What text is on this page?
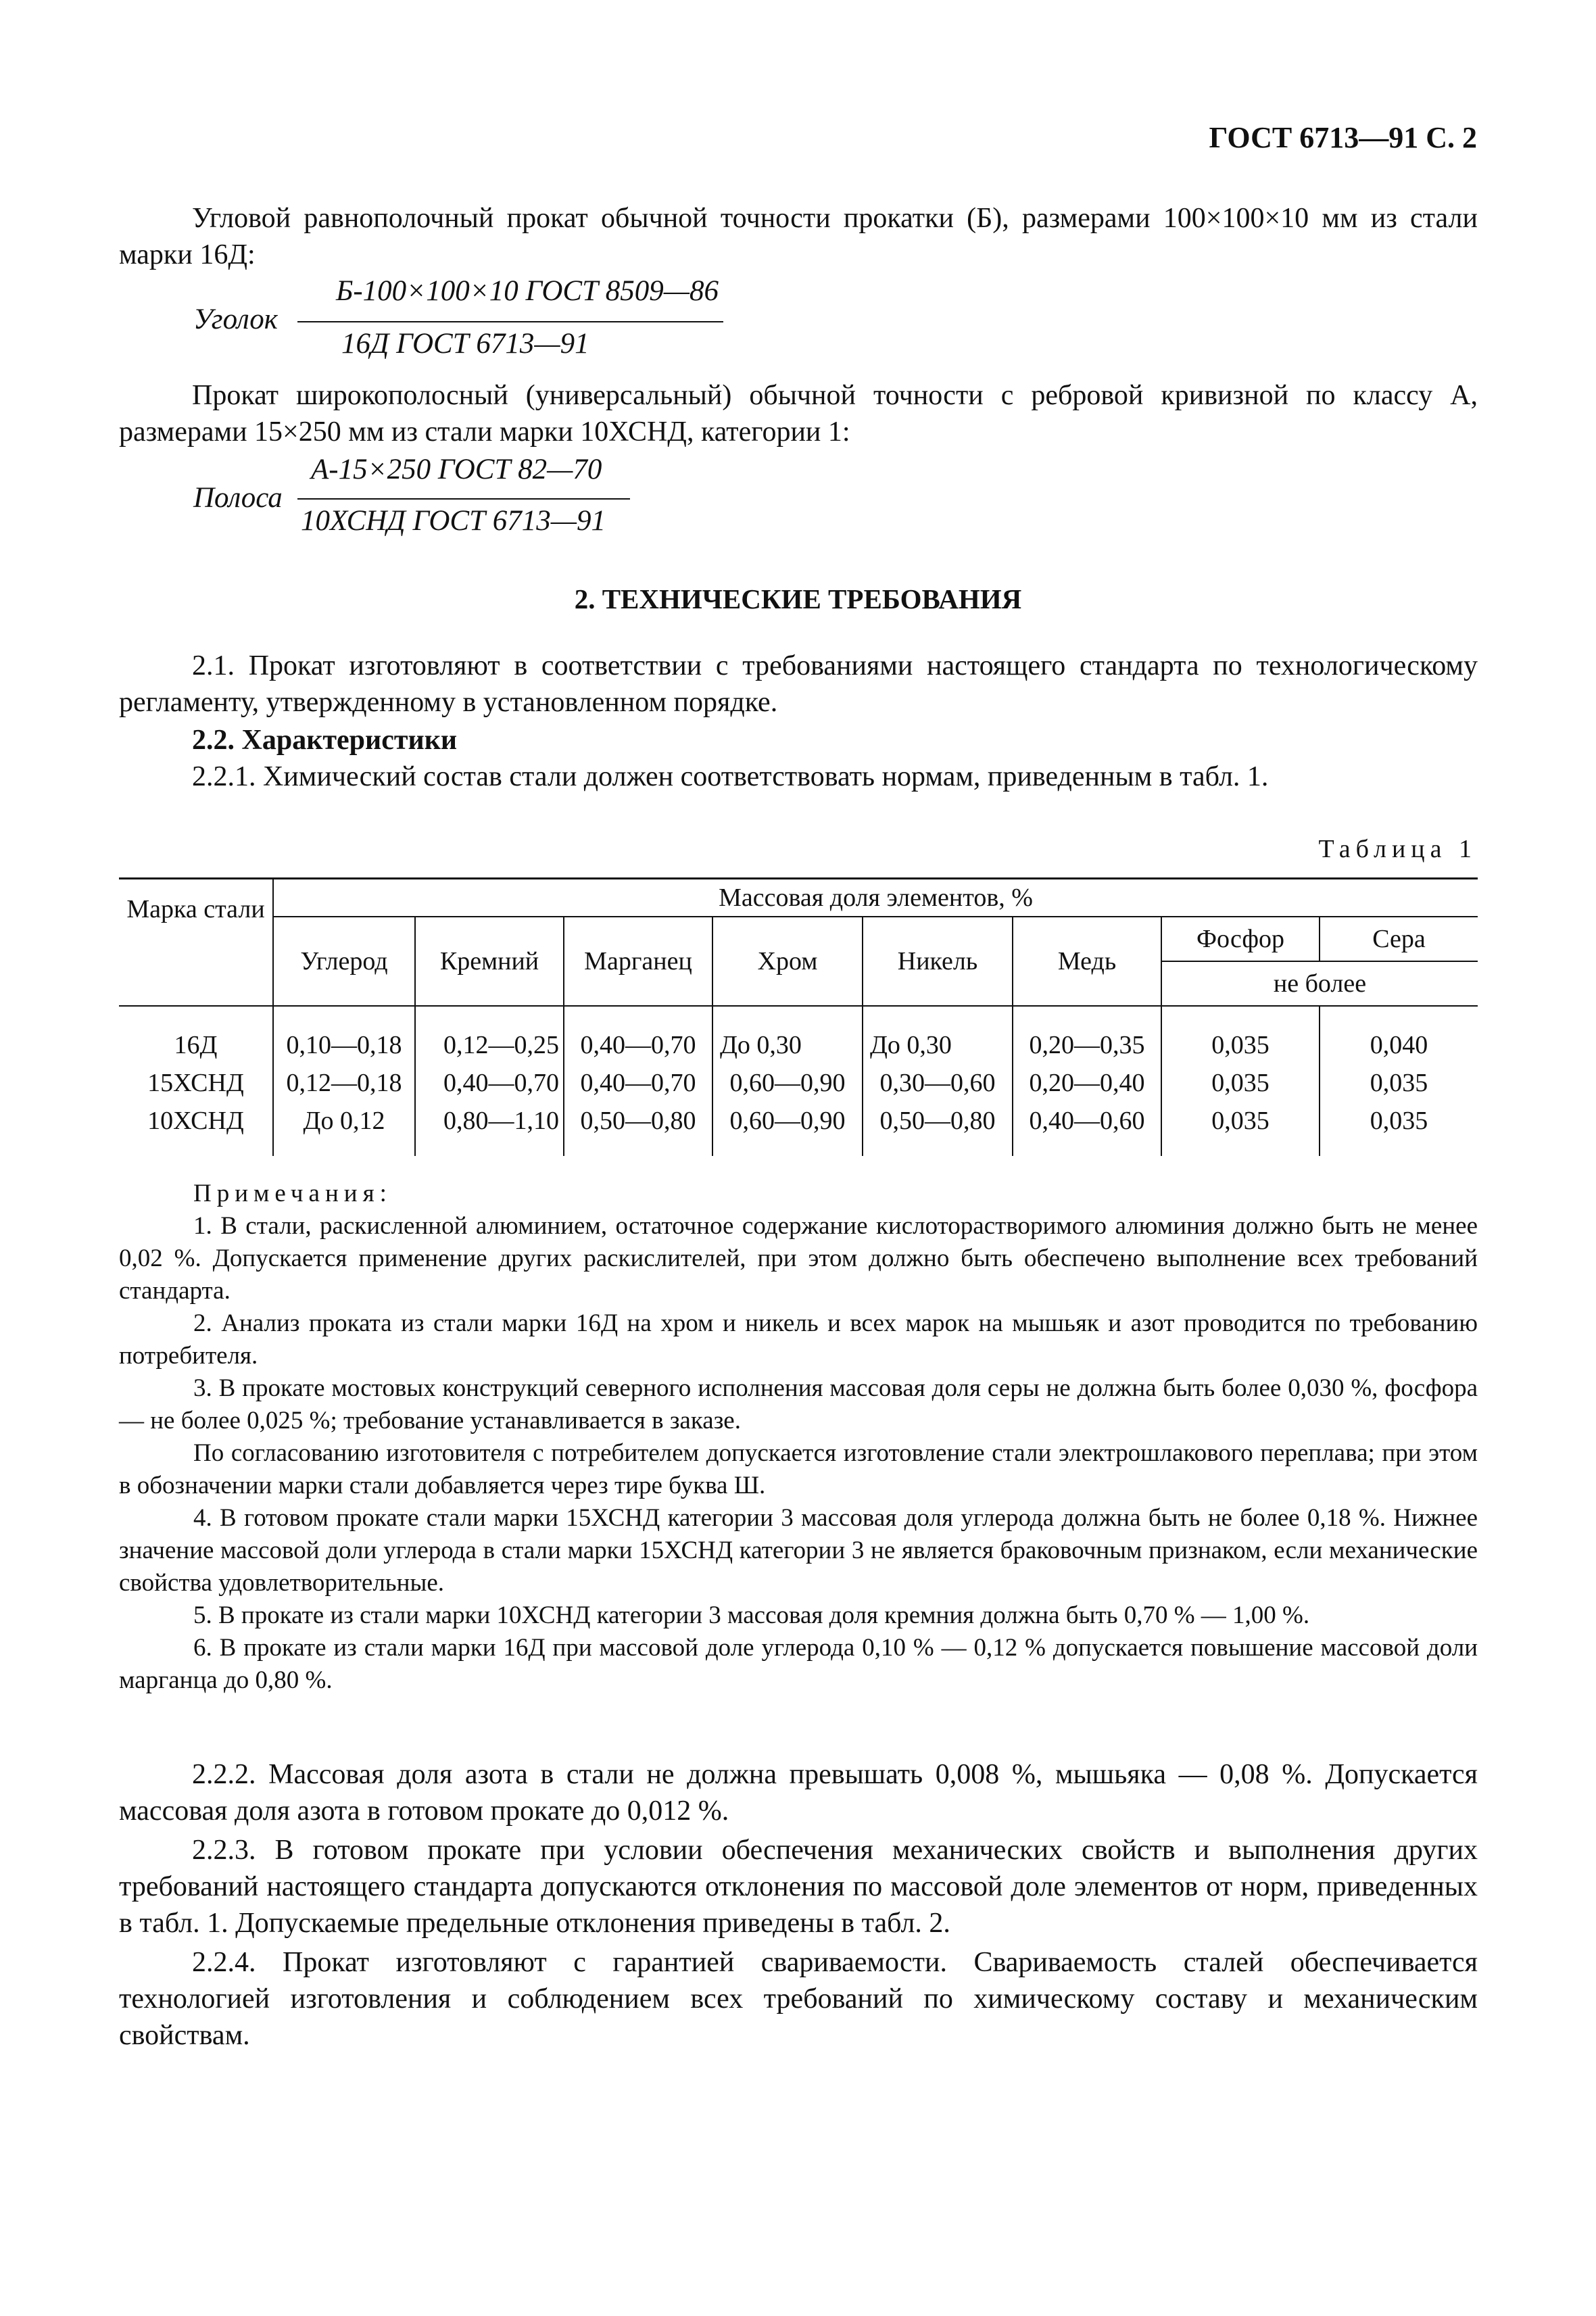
ГОСТ 6713—91 С. 2
Угловой равнополочный прокат обычной точности прокатки (Б), размерами 100×100×10 мм из стали марки 16Д:
Уголок
Б-100×100×10 ГОСТ 8509—86
16Д ГОСТ 6713—91
Прокат широкополосный (универсальный) обычной точности с ребровой кривизной по классу А, размерами 15×250 мм из стали марки 10ХСНД, категории 1:
Полоса
А-15×250 ГОСТ 82—70
10ХСНД ГОСТ 6713—91
2. ТЕХНИЧЕСКИЕ ТРЕБОВАНИЯ
2.1. Прокат изготовляют в соответствии с требованиями настоящего стандарта по технологическому регламенту, утвержденному в установленном порядке.
2.2. Характеристики
2.2.1. Химический состав стали должен соответствовать нормам, приведенным в табл. 1.
Таблица 1
Марка стали	Массовая доля элементов, %							
	Углерод	Кремний	Марганец	Хром	Никель	Медь	Фосфор	Сера
							не более	

16Д	0,10—0,18	0,12—0,25	0,40—0,70	До 0,30	До 0,30	0,20—0,35	0,035	0,040
15ХСНД	0,12—0,18	0,40—0,70	0,40—0,70	0,60—0,90	0,30—0,60	0,20—0,40	0,035	0,035
10ХСНД	До 0,12	0,80—1,10	0,50—0,80	0,60—0,90	0,50—0,80	0,40—0,60	0,035	0,035

Примечания:
1. В стали, раскисленной алюминием, остаточное содержание кислоторастворимого алюминия должно быть не менее 0,02 %. Допускается применение других раскислителей, при этом должно быть обеспечено выполнение всех требований стандарта.
2. Анализ проката из стали марки 16Д на хром и никель и всех марок на мышьяк и азот проводится по требованию потребителя.
3. В прокате мостовых конструкций северного исполнения массовая доля серы не должна быть более 0,030 %, фосфора — не более 0,025 %; требование устанавливается в заказе.
По согласованию изготовителя с потребителем допускается изготовление стали электрошлакового переплава; при этом в обозначении марки стали добавляется через тире буква Ш.
4. В готовом прокате стали марки 15ХСНД категории 3 массовая доля углерода должна быть не более 0,18 %. Нижнее значение массовой доли углерода в стали марки 15ХСНД категории 3 не является браковочным признаком, если механические свойства удовлетворительные.
5. В прокате из стали марки 10ХСНД категории 3 массовая доля кремния должна быть 0,70 % — 1,00 %.
6. В прокате из стали марки 16Д при массовой доле углерода 0,10 % — 0,12 % допускается повышение массовой доли марганца до 0,80 %.
2.2.2. Массовая доля азота в стали не должна превышать 0,008 %, мышьяка — 0,08 %. Допускается массовая доля азота в готовом прокате до 0,012 %.
2.2.3. В готовом прокате при условии обеспечения механических свойств и выполнения других требований настоящего стандарта допускаются отклонения по массовой доле элементов от норм, приведенных в табл. 1. Допускаемые предельные отклонения приведены в табл. 2.
2.2.4. Прокат изготовляют с гарантией свариваемости. Свариваемость сталей обеспечивается технологией изготовления и соблюдением всех требований по химическому составу и механическим свойствам.
